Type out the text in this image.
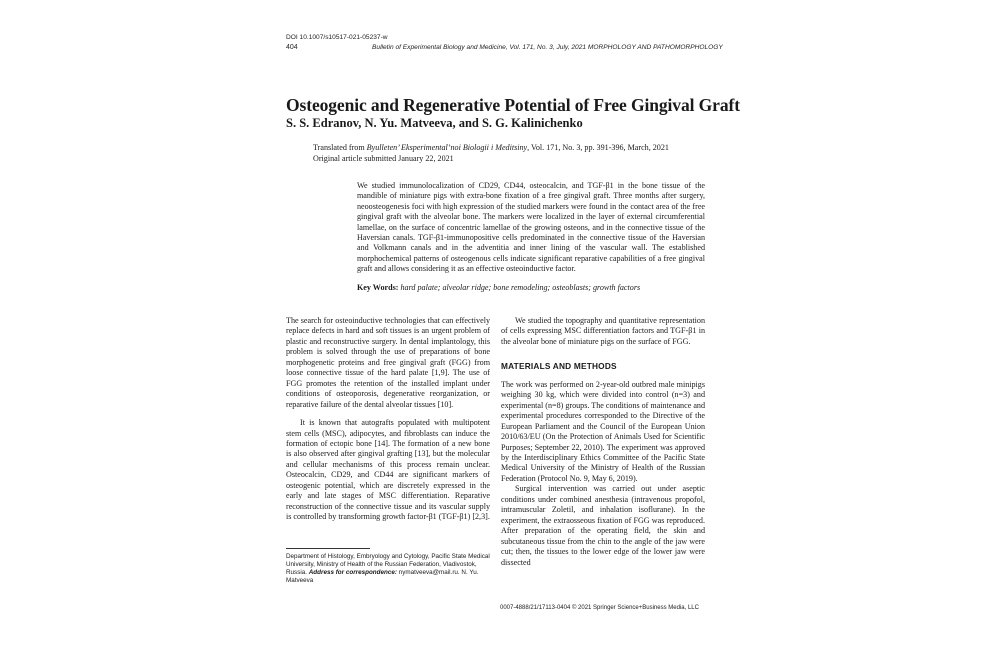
DOI 10.1007/s10517-021-05237-w
404	Bulletin of Experimental Biology and Medicine, Vol. 171, No. 3, July, 2021 MORPHOLOGY AND PATHOMORPHOLOGY
Osteogenic and Regenerative Potential of Free Gingival Graft
S. S. Edranov, N. Yu. Matveeva, and S. G. Kalinichenko
Translated from Byulleten’ Eksperimental’noi Biologii i Meditsiny, Vol. 171, No. 3, pp. 391-396, March, 2021
Original article submitted January 22, 2021
We studied immunolocalization of CD29, CD44, osteocalcin, and TGF-β1 in the bone tissue of the mandible of miniature pigs with extra-bone fixation of a free gingival graft. Three months after surgery, neoosteogenesis foci with high expression of the studied markers were found in the contact area of the free gingival graft with the alveolar bone. The markers were localized in the layer of external circumferential lamellae, on the surface of concentric lamellae of the growing osteons, and in the connective tissue of the Haversian canals. TGF-β1-immunopositive cells predominated in the connective tissue of the Haversian and Volkmann canals and in the adventitia and inner lining of the vascular wall. The established morphochemical patterns of osteogenous cells indicate significant reparative capabilities of a free gingival graft and allows considering it as an effective osteoinductive factor.
Key Words: hard palate; alveolar ridge; bone remodeling; osteoblasts; growth factors

The search for osteoinductive technologies that can effectively replace defects in hard and soft tissues is an urgent problem of plastic and reconstructive surgery. In dental implantology, this problem is solved through the use of preparations of bone morphogenetic proteins and free gingival graft (FGG) from loose connective tissue of the hard palate [1,9]. The use of FGG promotes the retention of the installed implant under conditions of osteoporosis, degenerative reorganization, or reparative failure of the dental alveolar tissues [10].

It is known that autografts populated with multipotent stem cells (MSC), adipocytes, and fibroblasts can induce the formation of ectopic bone [14]. The formation of a new bone is also observed after gingival grafting [13], but the molecular and cellular mechanisms of this process remain unclear. Osteocalcin, CD29, and CD44 are significant markers of osteogenic potential, which are discretely expressed in the early and late stages of MSC differentiation. Reparative reconstruction of the connective tissue and its vascular supply is controlled by transforming growth factor-β1 (TGF-β1) [2,3].

We studied the topography and quantitative representation of cells expressing MSC differentiation factors and TGF-β1 in the alveolar bone of miniature pigs on the surface of FGG.

MATERIALS AND METHODS

The work was performed on 2-year-old outbred male minipigs weighing 30 kg, which were divided into control (n=3) and experimental (n=8) groups. The conditions of maintenance and experimental procedures corresponded to the Directive of the European Parliament and the Council of the European Union 2010/63/EU (On the Protection of Animals Used for Scientific Purposes; September 22, 2010). The experiment was approved by the Interdisciplinary Ethics Committee of the Pacific State Medical University of the Ministry of Health of the Russian Federation (Protocol No. 9, May 6, 2019).

Surgical intervention was carried out under aseptic conditions under combined anesthesia (intravenous propofol, intramuscular Zoletil, and inhalation isoflurane). In the experiment, the extraosseous fixation of FGG was reproduced. After preparation of the operating field, the skin and subcutaneous tissue from the chin to the angle of the jaw were cut; then, the tissues to the lower edge of the lower jaw were dissected

Department of Histology, Embryology and Cytology, Pacific State Medical University, Ministry of Health of the Russian Federation, Vladivostok, Russia. Address for correspondence: nymatveeva@mail.ru. N. Yu. Matveeva
0007-4888/21/17113-0404 © 2021 Springer Science+Business Media, LLC
